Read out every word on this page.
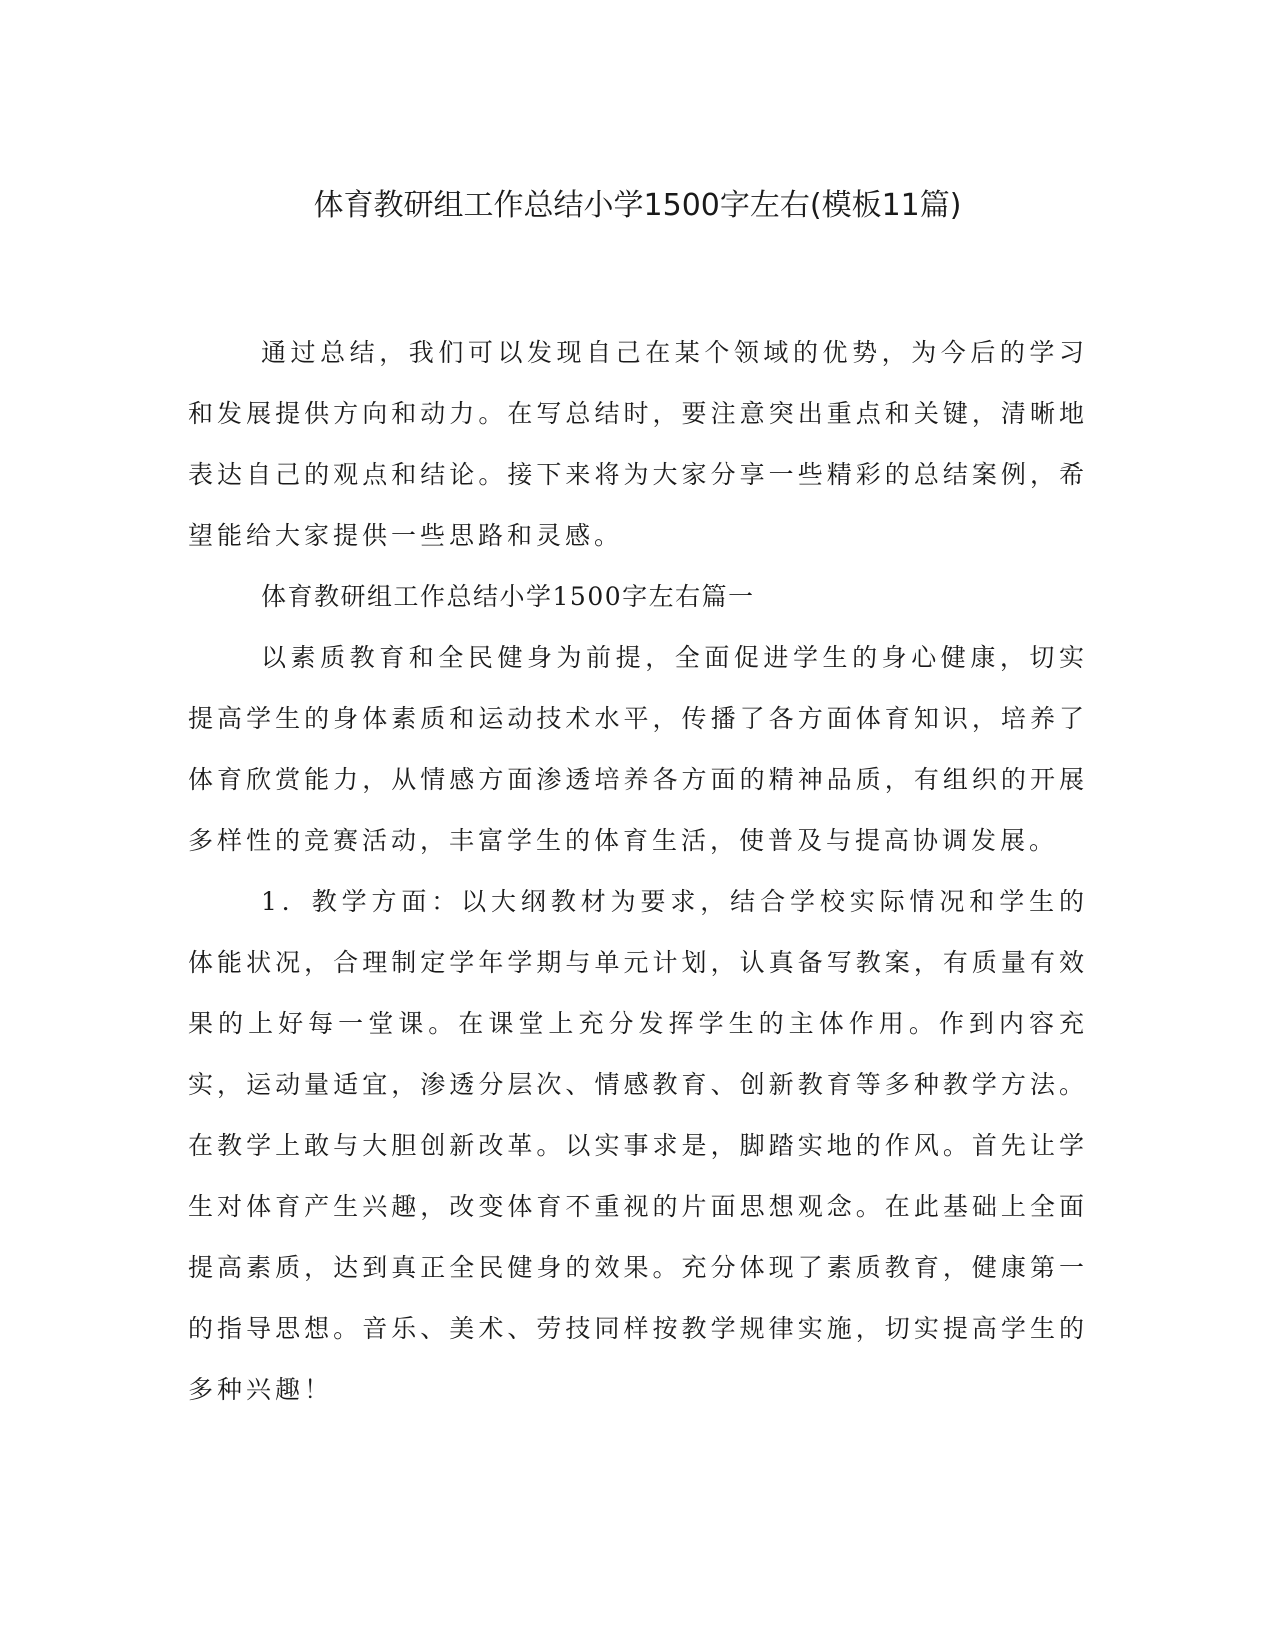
体育教研组工作总结小学1500字左右(模板11篇)

通过总结，我们可以发现自己在某个领域的优势，为今后的学习和发展提供方向和动力。在写总结时，要注意突出重点和关键，清晰地表达自己的观点和结论。接下来将为大家分享一些精彩的总结案例，希望能给大家提供一些思路和灵感。

体育教研组工作总结小学1500字左右篇一

以素质教育和全民健身为前提，全面促进学生的身心健康，切实提高学生的身体素质和运动技术水平，传播了各方面体育知识，培养了体育欣赏能力，从情感方面渗透培养各方面的精神品质，有组织的开展多样性的竞赛活动，丰富学生的体育生活，使普及与提高协调发展。

1．教学方面：以大纲教材为要求，结合学校实际情况和学生的体能状况，合理制定学年学期与单元计划，认真备写教案，有质量有效果的上好每一堂课。在课堂上充分发挥学生的主体作用。作到内容充实，运动量适宜，渗透分层次、情感教育、创新教育等多种教学方法。在教学上敢与大胆创新改革。以实事求是，脚踏实地的作风。首先让学生对体育产生兴趣，改变体育不重视的片面思想观念。在此基础上全面提高素质，达到真正全民健身的效果。充分体现了素质教育，健康第一的指导思想。音乐、美术、劳技同样按教学规律实施，切实提高学生的多种兴趣！
